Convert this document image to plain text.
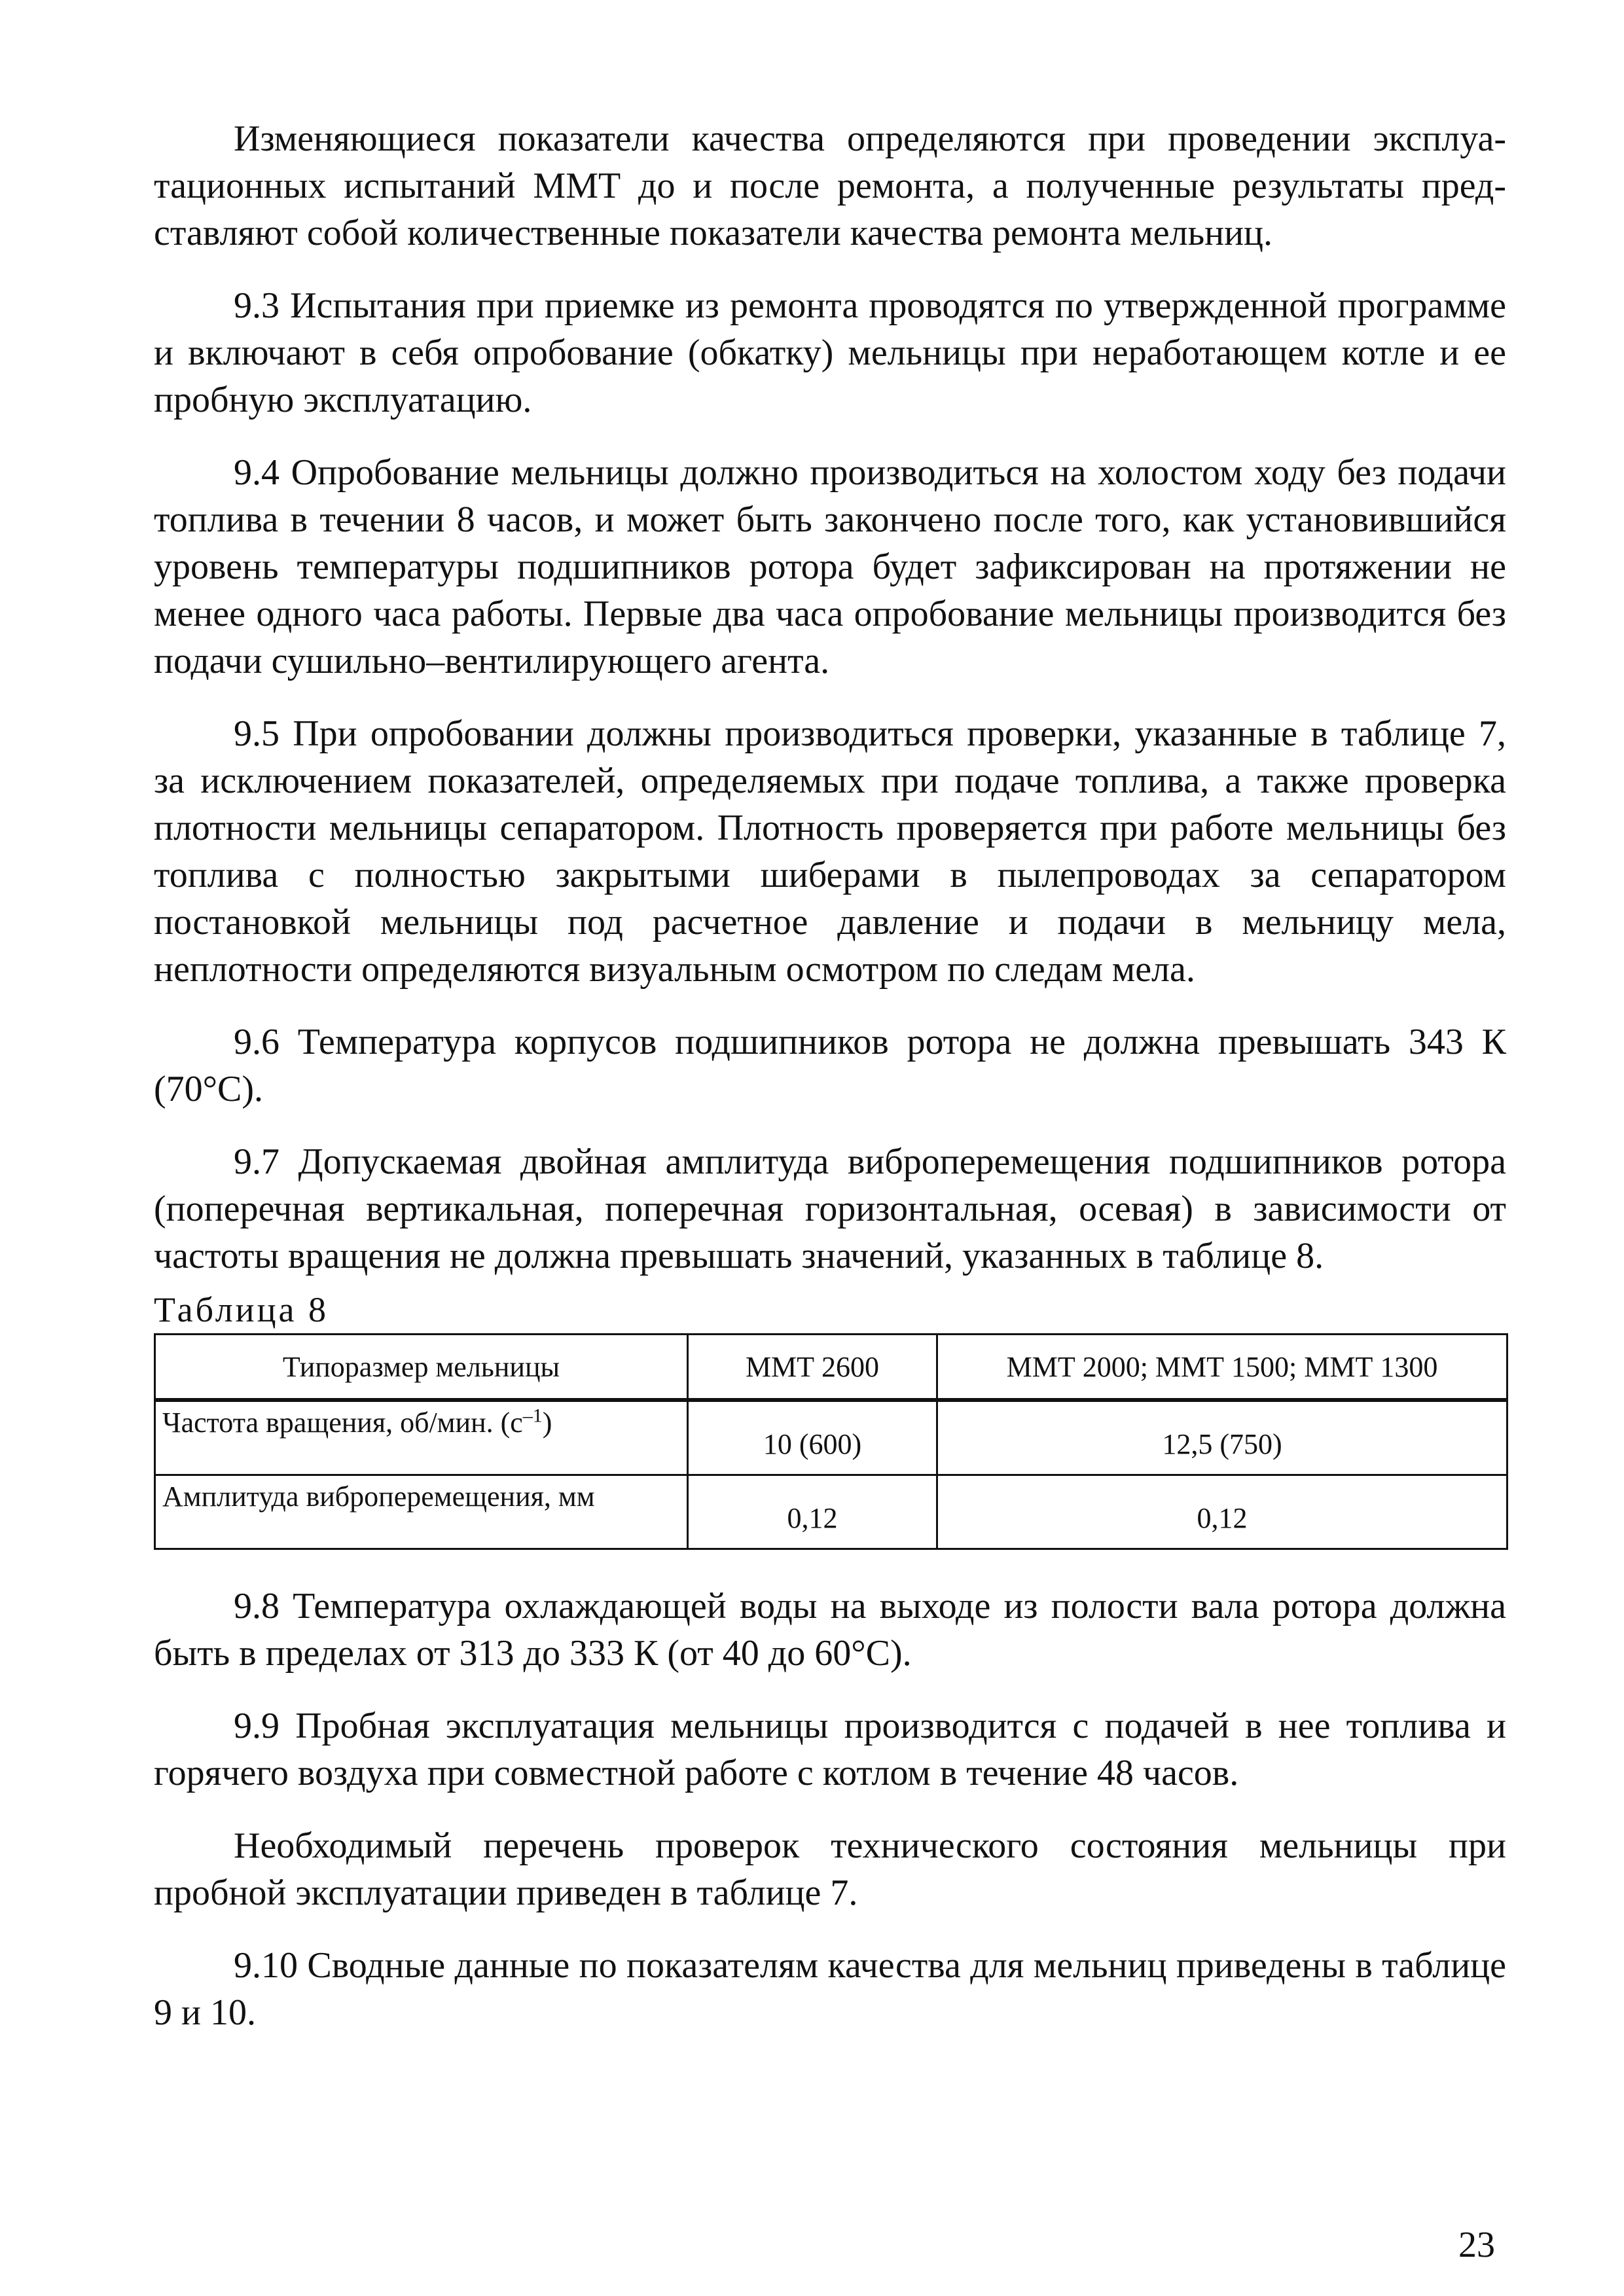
Изменяющиеся показатели качества определяются при проведении эксплуатационных испытаний ММТ до и после ремонта, а полученные результаты представляют собой количественные показатели качества ремонта мельниц.

9.3 Испытания при приемке из ремонта проводятся по утвержденной программе и включают в себя опробование (обкатку) мельницы при неработающем котле и ее пробную эксплуатацию.

9.4 Опробование мельницы должно производиться на холостом ходу без подачи топлива в течении 8 часов, и может быть закончено после того, как установившийся уровень температуры подшипников ротора будет зафиксирован на протяжении не менее одного часа работы. Первые два часа опробование мельницы производится без подачи сушильно–вентилирующего агента.

9.5 При опробовании должны производиться проверки, указанные в таблице 7, за исключением показателей, определяемых при подаче топлива, а также проверка плотности мельницы сепаратором. Плотность проверяется при работе мельницы без топлива с полностью закрытыми шиберами в пылепроводах за сепаратором постановкой мельницы под расчетное давление и подачи в мельницу мела, неплотности определяются визуальным осмотром по следам мела.

9.6 Температура корпусов подшипников ротора не должна превышать 343 К (70°С).

9.7 Допускаемая двойная амплитуда виброперемещения подшипников ротора (поперечная вертикальная, поперечная горизонтальная, осевая) в зависимости от частоты вращения не должна превышать значений, указанных в таблице 8.

Таблица 8
Типоразмер мельницы	ММТ 2600	ММТ 2000; ММТ 1500; ММТ 1300
Частота вращения, об/мин. $(с^{-1})$	10 (600)	12,5 (750)
Амплитуда виброперемещения, мм	0,12	0,12

9.8 Температура охлаждающей воды на выходе из полости вала ротора должна быть в пределах от 313 до 333 К (от 40 до 60°С).

9.9 Пробная эксплуатация мельницы производится с подачей в нее топлива и горячего воздуха при совместной работе с котлом в течение 48 часов.

Необходимый перечень проверок технического состояния мельницы при пробной эксплуатации приведен в таблице 7.

9.10 Сводные данные по показателям качества для мельниц приведены в таблице 9 и 10.

23
